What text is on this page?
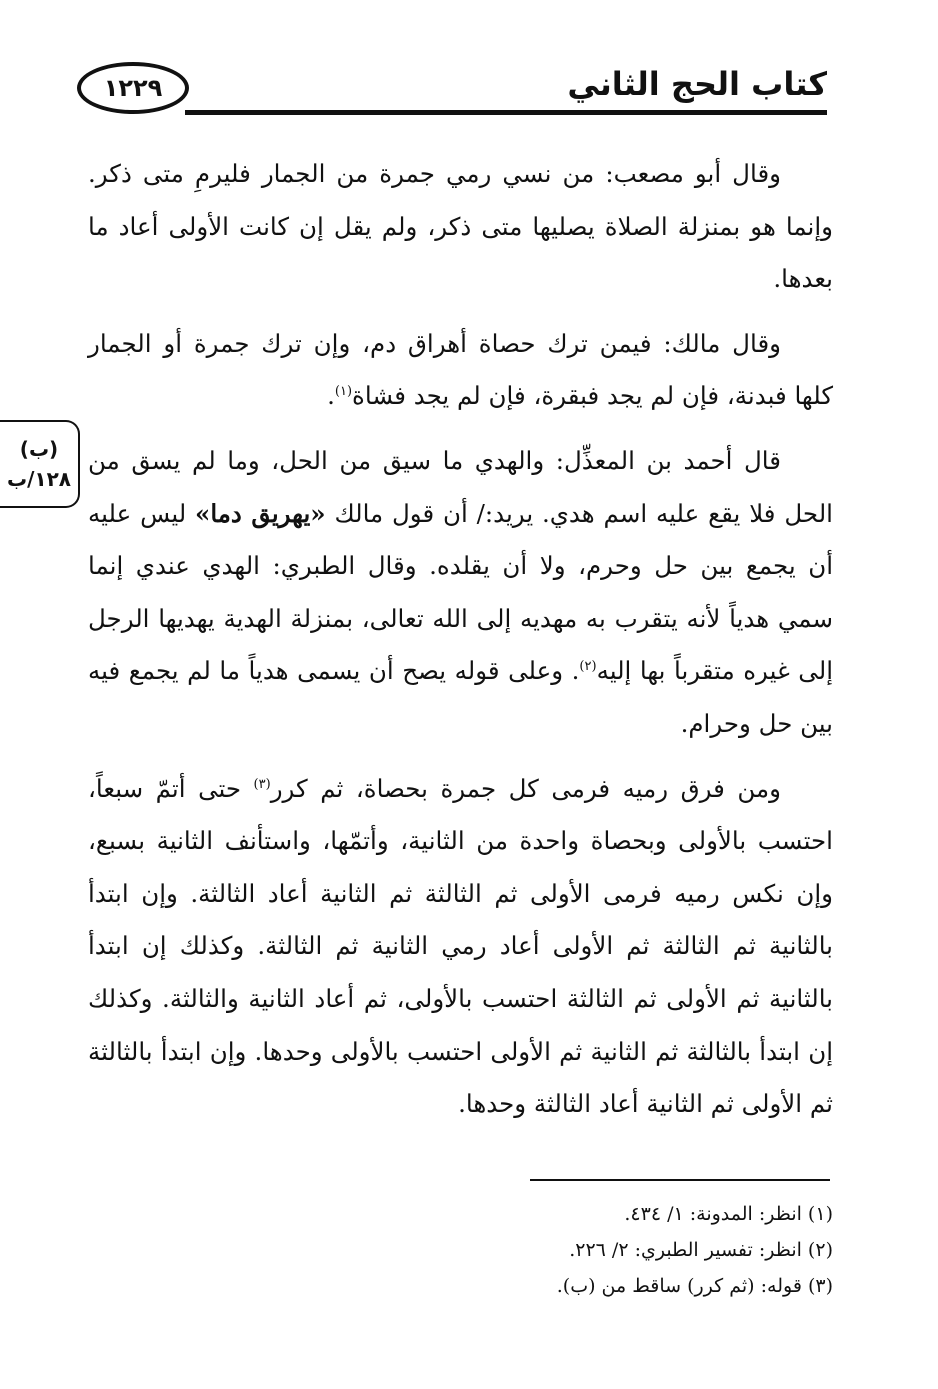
١٢٢٩	كتاب الحج الثاني
(ب)
١٢٨/ب

وقال أبو مصعب: من نسي رمي جمرة من الجمار فليرمِ متى ذكر. وإنما هو بمنزلة الصلاة يصليها متى ذكر، ولم يقل إن كانت الأولى أعاد ما بعدها.

وقال مالك: فيمن ترك حصاة أهراق دم، وإن ترك جمرة أو الجمار كلها فبدنة، فإن لم يجد فبقرة، فإن لم يجد فشاة$^{(١)}$.

قال أحمد بن المعذِّل: والهدي ما سيق من الحل، وما لم يسق من الحل فلا يقع عليه اسم هدي. يريد:/ أن قول مالك «يهريق دما» ليس عليه أن يجمع بين حل وحرم، ولا أن يقلده. وقال الطبري: الهدي عندي إنما سمي هدياً لأنه يتقرب به مهديه إلى الله تعالى، بمنزلة الهدية يهديها الرجل إلى غيره متقرباً بها إليه$^{(٢)}$. وعلى قوله يصح أن يسمى هدياً ما لم يجمع فيه بين حل وحرام.

ومن فرق رميه فرمى كل جمرة بحصاة، ثم كرر$^{(٣)}$ حتى أتمّ سبعاً، احتسب بالأولى وبحصاة واحدة من الثانية، وأتمّها، واستأنف الثانية بسبع، وإن نكس رميه فرمى الأولى ثم الثالثة ثم الثانية أعاد الثالثة. وإن ابتدأ بالثانية ثم الثالثة ثم الأولى أعاد رمي الثانية ثم الثالثة. وكذلك إن ابتدأ بالثانية ثم الأولى ثم الثالثة احتسب بالأولى، ثم أعاد الثانية والثالثة. وكذلك إن ابتدأ بالثالثة ثم الثانية ثم الأولى احتسب بالأولى وحدها. وإن ابتدأ بالثالثة ثم الأولى ثم الثانية أعاد الثالثة وحدها.

(١) انظر: المدونة: ١/ ٤٣٤.

(٢) انظر: تفسير الطبري: ٢/ ٢٢٦.

(٣) قوله: (ثم كرر) ساقط من (ب).
